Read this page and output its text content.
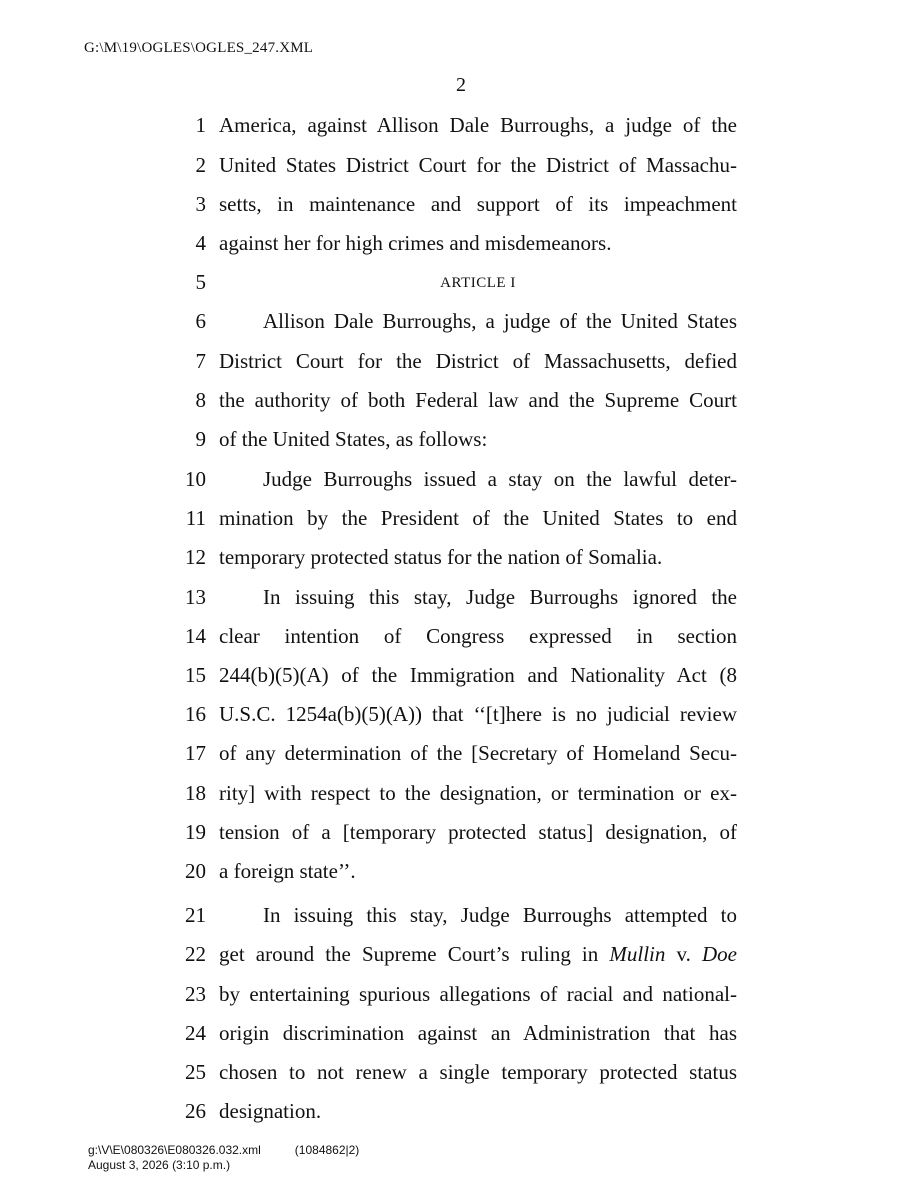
G:\M\19\OGLES\OGLES_247.XML
2
1 America, against Allison Dale Burroughs, a judge of the
2 United States District Court for the District of Massachu-
3 setts, in maintenance and support of its impeachment
4 against her for high crimes and misdemeanors.
5	ARTICLE I
6	Allison Dale Burroughs, a judge of the United States
7 District Court for the District of Massachusetts, defied
8 the authority of both Federal law and the Supreme Court
9 of the United States, as follows:
10	Judge Burroughs issued a stay on the lawful deter-
11 mination by the President of the United States to end
12 temporary protected status for the nation of Somalia.
13	In issuing this stay, Judge Burroughs ignored the
14 clear intention of Congress expressed in section
15 244(b)(5)(A) of the Immigration and Nationality Act (8
16 U.S.C. 1254a(b)(5)(A)) that ‘‘[t]here is no judicial review
17 of any determination of the [Secretary of Homeland Secu-
18 rity] with respect to the designation, or termination or ex-
19 tension of a [temporary protected status] designation, of
20 a foreign state’’.
21	In issuing this stay, Judge Burroughs attempted to
22 get around the Supreme Court’s ruling in Mullin v. Doe
23 by entertaining spurious allegations of racial and national-
24 origin discrimination against an Administration that has
25 chosen to not renew a single temporary protected status
26 designation.
g:\V\E\080326\E080326.032.xml	(1084862|2)
August 3, 2026 (3:10 p.m.)
